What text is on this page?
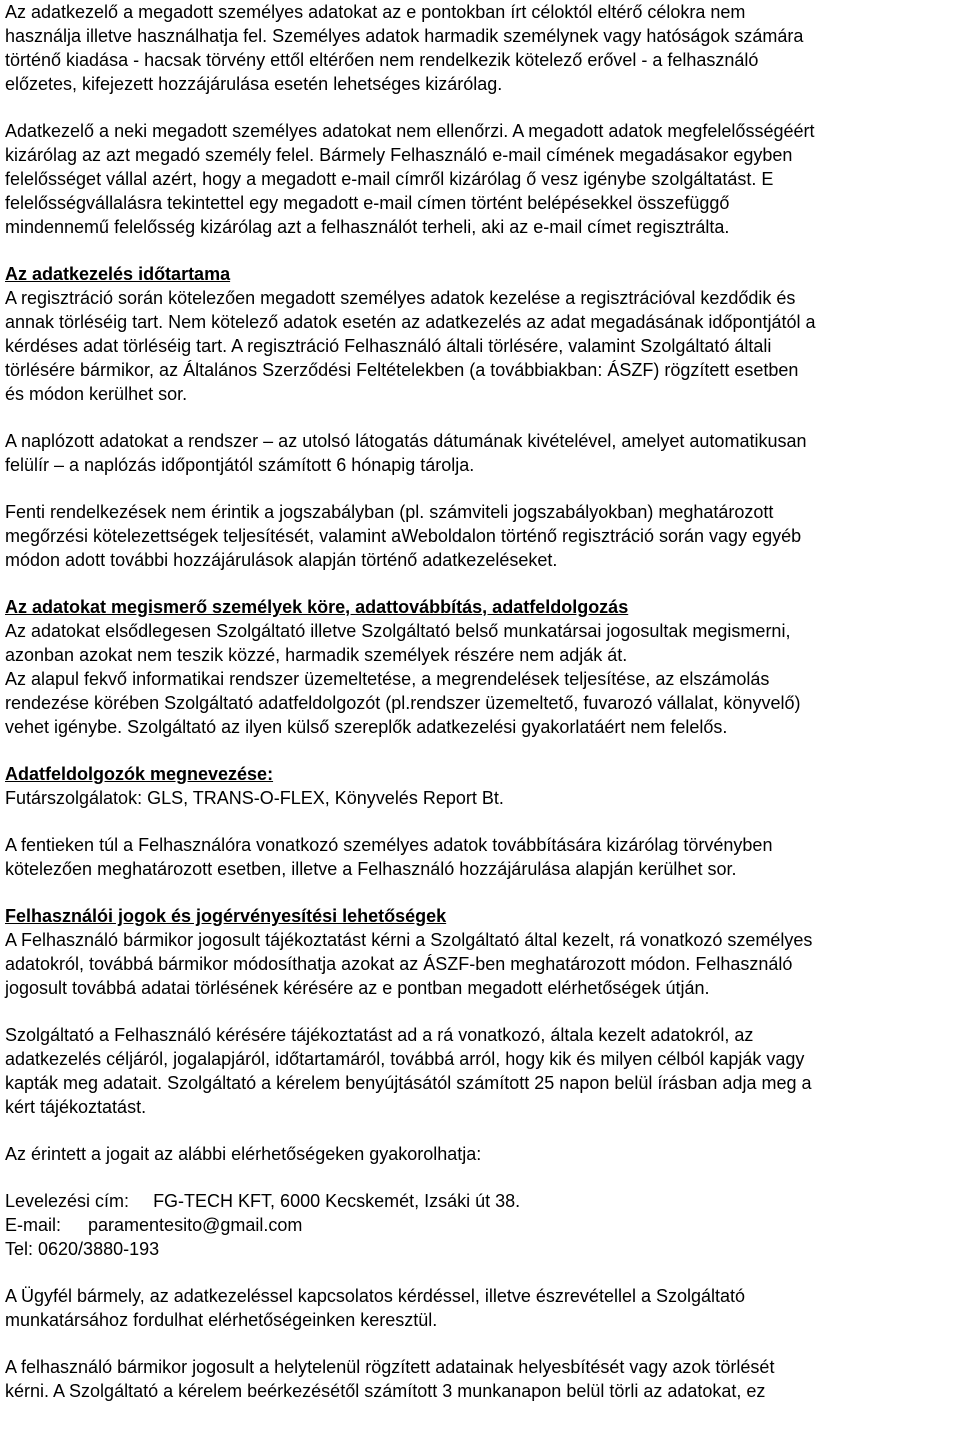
Az adatkezelő a megadott személyes adatokat az e pontokban írt céloktól eltérő célokra nem
használja illetve használhatja fel. Személyes adatok harmadik személynek vagy hatóságok számára
történő kiadása - hacsak törvény ettől eltérően nem rendelkezik kötelező erővel - a felhasználó
előzetes, kifejezett hozzájárulása esetén lehetséges kizárólag.

Adatkezelő a neki megadott személyes adatokat nem ellenőrzi. A megadott adatok megfelelősségéért
kizárólag az azt megadó személy felel. Bármely Felhasználó e-mail címének megadásakor egyben
felelősséget vállal azért, hogy a megadott e-mail címről kizárólag ő vesz igénybe szolgáltatást. E
felelősségvállalásra tekintettel egy megadott e-mail címen történt belépésekkel összefüggő
mindennemű felelősség kizárólag azt a felhasználót terheli, aki az e-mail címet regisztrálta.

Az adatkezelés időtartama

A regisztráció során kötelezően megadott személyes adatok kezelése a regisztrációval kezdődik és
annak törléséig tart. Nem kötelező adatok esetén az adatkezelés az adat megadásának időpontjától a
kérdéses adat törléséig tart. A regisztráció Felhasználó általi törlésére, valamint Szolgáltató általi
törlésére bármikor, az Általános Szerződési Feltételekben (a továbbiakban: ÁSZF) rögzített esetben
és módon kerülhet sor.

A naplózott adatokat a rendszer – az utolsó látogatás dátumának kivételével, amelyet automatikusan
felülír – a naplózás időpontjától számított 6 hónapig tárolja.

Fenti rendelkezések nem érintik a jogszabályban (pl. számviteli jogszabályokban) meghatározott
megőrzési kötelezettségek teljesítését, valamint aWeboldalon történő regisztráció során vagy egyéb
módon adott további hozzájárulások alapján történő adatkezeléseket.

Az adatokat megismerő személyek köre, adattovábbítás, adatfeldolgozás

Az adatokat elsődlegesen Szolgáltató illetve Szolgáltató belső munkatársai jogosultak megismerni,
azonban azokat nem teszik közzé, harmadik személyek részére nem adják át.
Az alapul fekvő informatikai rendszer üzemeltetése, a megrendelések teljesítése, az elszámolás
rendezése körében Szolgáltató adatfeldolgozót (pl.rendszer üzemeltető, fuvarozó vállalat, könyvelő)
vehet igénybe. Szolgáltató az ilyen külső szereplők adatkezelési gyakorlatáért nem felelős.

Adatfeldolgozók megnevezése:

Futárszolgálatok: GLS, TRANS-O-FLEX, Könyvelés Report Bt.

A fentieken túl a Felhasználóra vonatkozó személyes adatok továbbítására kizárólag törvényben
kötelezően meghatározott esetben, illetve a Felhasználó hozzájárulása alapján kerülhet sor.

Felhasználói jogok és jogérvényesítési lehetőségek

A Felhasználó bármikor jogosult tájékoztatást kérni a Szolgáltató által kezelt, rá vonatkozó személyes
adatokról, továbbá bármikor módosíthatja azokat az ÁSZF-ben meghatározott módon. Felhasználó
jogosult továbbá adatai törlésének kérésére az e pontban megadott elérhetőségek útján.

Szolgáltató a Felhasználó kérésére tájékoztatást ad a rá vonatkozó, általa kezelt adatokról, az
adatkezelés céljáról, jogalapjáról, időtartamáról, továbbá arról, hogy kik és milyen célból kapják vagy
kapták meg adatait. Szolgáltató a kérelem benyújtásától számított 25 napon belül írásban adja meg a
kért tájékoztatást.

Az érintett a jogait az alábbi elérhetőségeken gyakorolhatja:

Levelezési cím: FG-TECH KFT, 6000 Kecskemét, Izsáki út 38.

E-mail: paramentesito@gmail.com

Tel: 0620/3880-193

A Ügyfél bármely, az adatkezeléssel kapcsolatos kérdéssel, illetve észrevétellel a Szolgáltató
munkatársához fordulhat elérhetőségeinken keresztül.

A felhasználó bármikor jogosult a helytelenül rögzített adatainak helyesbítését vagy azok törlését
kérni. A Szolgáltató a kérelem beérkezésétől számított 3 munkanapon belül törli az adatokat, ez
